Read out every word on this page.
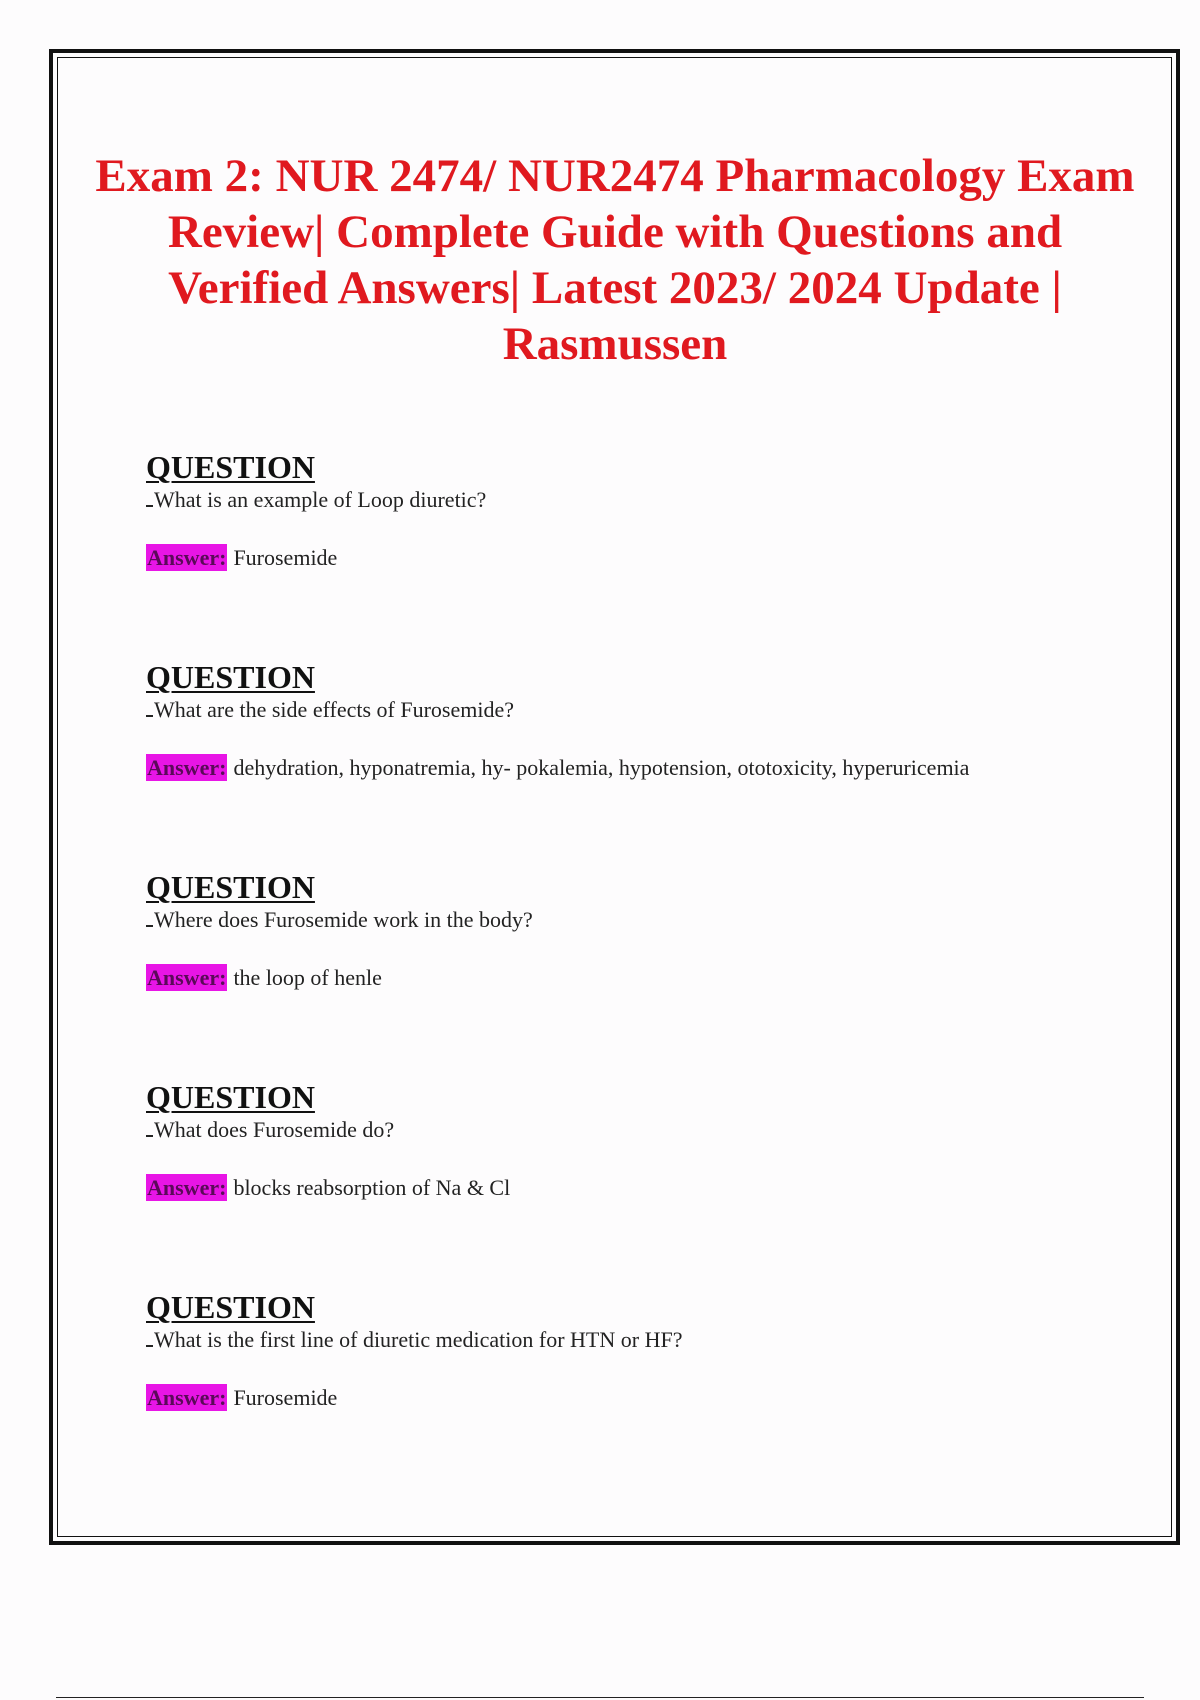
Exam 2: NUR 2474/ NUR2474 Pharmacology Exam Review| Complete Guide with Questions and Verified Answers| Latest 2023/ 2024 Update | Rasmussen
QUESTION

What is an example of Loop diuretic?

Answer: Furosemide

QUESTION

What are the side effects of Furosemide?

Answer: dehydration, hyponatremia, hy- pokalemia, hypotension, ototoxicity, hyperuricemia

QUESTION

Where does Furosemide work in the body?

Answer: the loop of henle

QUESTION

What does Furosemide do?

Answer: blocks reabsorption of Na & Cl

QUESTION

What is the first line of diuretic medication for HTN or HF?

Answer: Furosemide
